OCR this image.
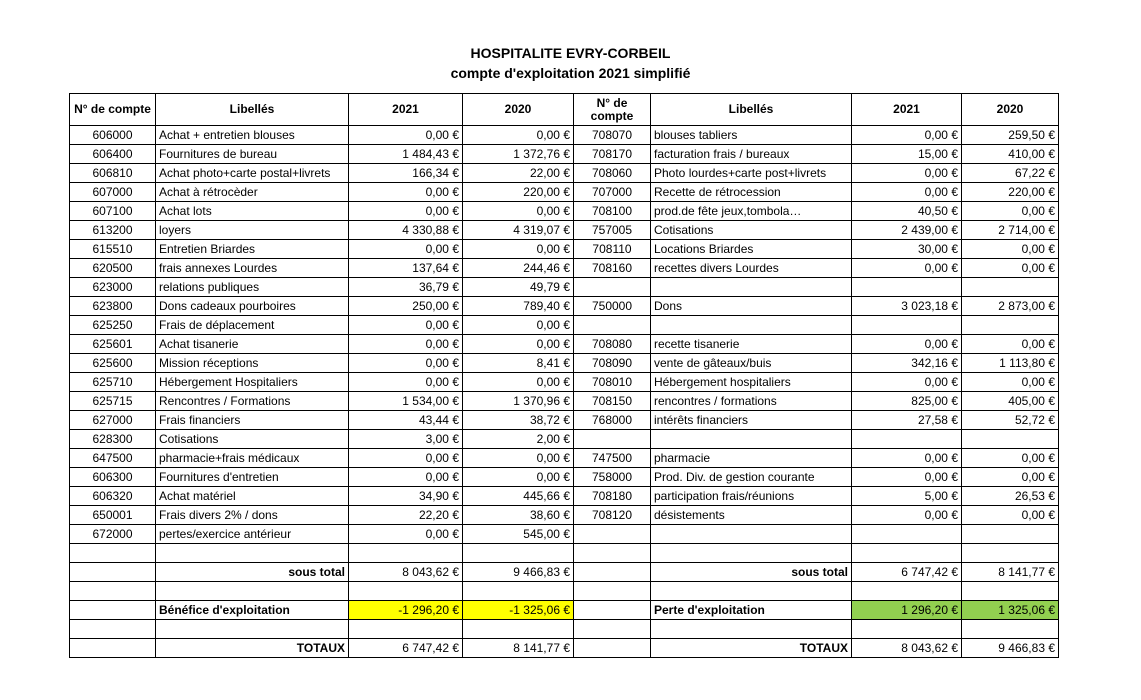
HOSPITALITE EVRY-CORBEIL
compte d'exploitation 2021 simplifié
N° de compte	Libellés	2021	2020	N° de compte	Libellés	2021	2020
606000	Achat + entretien blouses	0,00 €	0,00 €	708070	blouses tabliers	0,00 €	259,50 €
606400	Fournitures de bureau	1 484,43 €	1 372,76 €	708170	facturation frais / bureaux	15,00 €	410,00 €
606810	Achat photo+carte postal+livrets	166,34 €	22,00 €	708060	Photo lourdes+carte post+livrets	0,00 €	67,22 €
607000	Achat à rétrocèder	0,00 €	220,00 €	707000	Recette de rétrocession	0,00 €	220,00 €
607100	Achat lots	0,00 €	0,00 €	708100	prod.de fête jeux,tombola…	40,50 €	0,00 €
613200	loyers	4 330,88 €	4 319,07 €	757005	Cotisations	2 439,00 €	2 714,00 €
615510	Entretien Briardes	0,00 €	0,00 €	708110	Locations Briardes	30,00 €	0,00 €
620500	frais annexes Lourdes	137,64 €	244,46 €	708160	recettes divers Lourdes	0,00 €	0,00 €
623000	relations publiques	36,79 €	49,79 €				
623800	Dons cadeaux pourboires	250,00 €	789,40 €	750000	Dons	3 023,18 €	2 873,00 €
625250	Frais de déplacement	0,00 €	0,00 €				
625601	Achat tisanerie	0,00 €	0,00 €	708080	recette tisanerie	0,00 €	0,00 €
625600	Mission réceptions	0,00 €	8,41 €	708090	vente de gâteaux/buis	342,16 €	1 113,80 €
625710	Hébergement Hospitaliers	0,00 €	0,00 €	708010	Hébergement hospitaliers	0,00 €	0,00 €
625715	Rencontres / Formations	1 534,00 €	1 370,96 €	708150	rencontres / formations	825,00 €	405,00 €
627000	Frais financiers	43,44 €	38,72 €	768000	intérêts financiers	27,58 €	52,72 €
628300	Cotisations	3,00 €	2,00 €				
647500	pharmacie+frais médicaux	0,00 €	0,00 €	747500	pharmacie	0,00 €	0,00 €
606300	Fournitures d'entretien	0,00 €	0,00 €	758000	Prod. Div. de gestion courante	0,00 €	0,00 €
606320	Achat matériel	34,90 €	445,66 €	708180	participation frais/réunions	5,00 €	26,53 €
650001	Frais divers 2% / dons	22,20 €	38,60 €	708120	désistements	0,00 €	0,00 €
672000	pertes/exercice antérieur	0,00 €	545,00 €				

	sous total	8 043,62 €	9 466,83 €		sous total	6 747,42 €	8 141,77 €

	Bénéfice d'exploitation	-1 296,20 €	-1 325,06 €		Perte d'exploitation	1 296,20 €	1 325,06 €

	TOTAUX	6 747,42 €	8 141,77 €		TOTAUX	8 043,62 €	9 466,83 €
